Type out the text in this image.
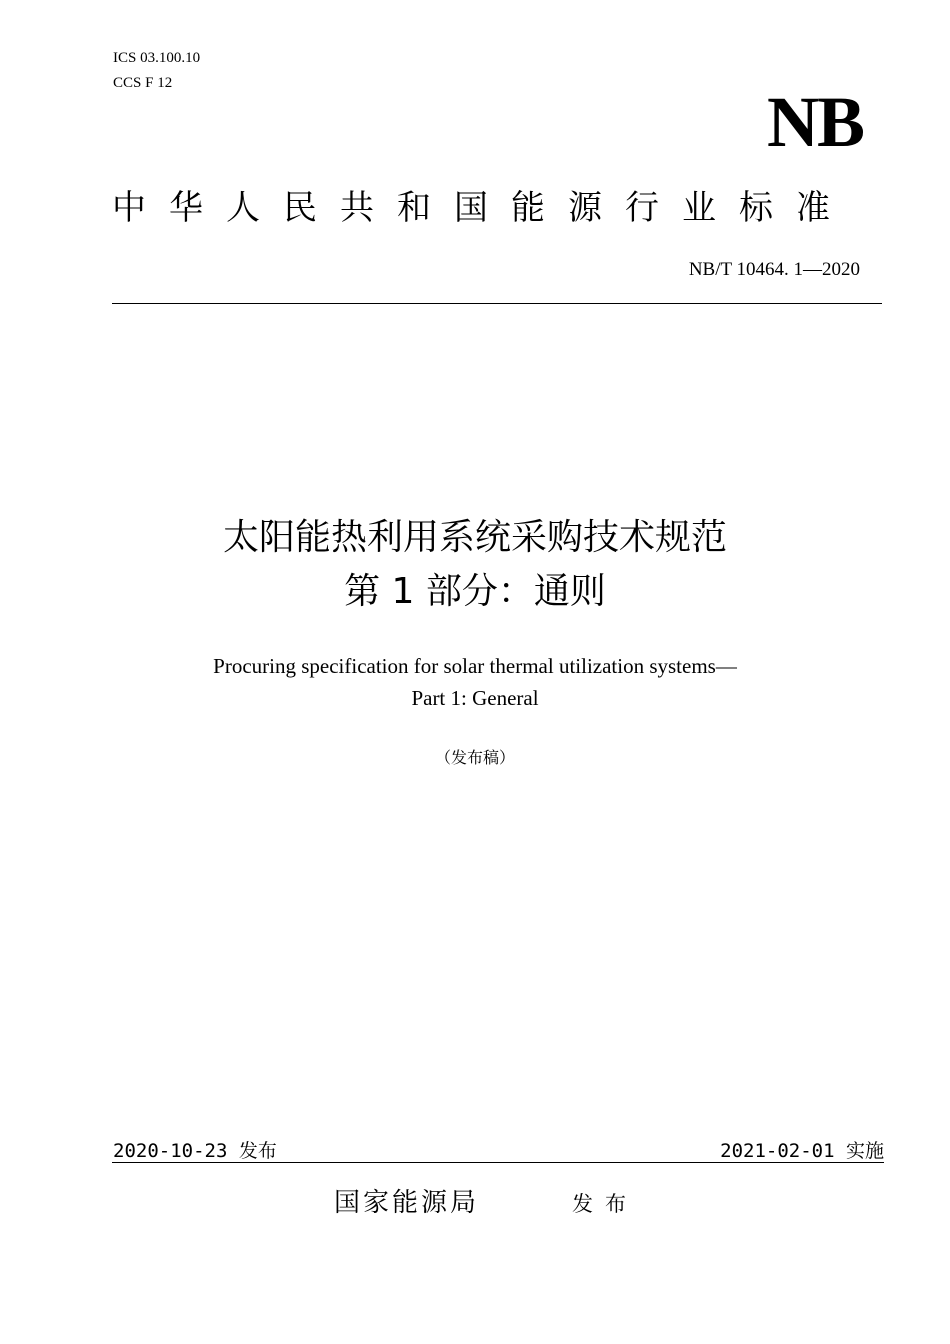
ICS 03.100.10
CCS F 12	NB
中华人民共和国能源行业标准
NB/T 10464. 1—2020
太阳能热利用系统采购技术规范
第 1 部分：通则
Procuring specification for solar thermal utilization systems—
Part 1: General
（发布稿）
2020-10-23 发布	2021-02-01 实施
国家能源局	发布
